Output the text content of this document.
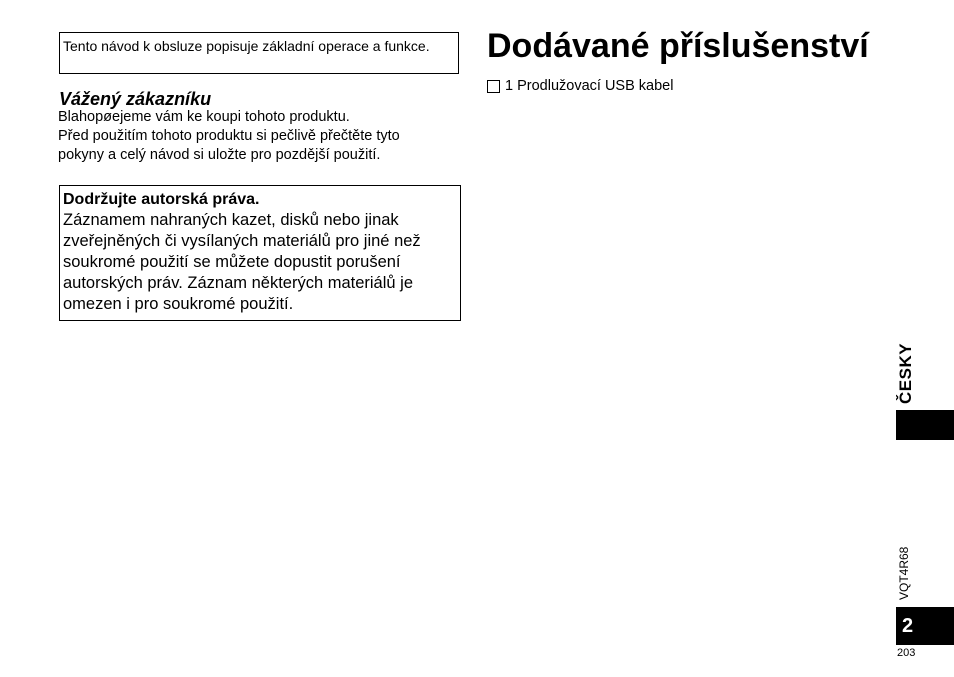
Tento návod k obsluze popisuje základní operace a funkce.
Vážený zákazníku

Blahopøejeme vám ke koupi tohoto produktu.
Před použitím tohoto produktu si pečlivě přečtěte tyto
pokyny a celý návod si uložte pro pozdější použití.

Dodržujte autorská práva.
Záznamem nahraných kazet, disků nebo jinak zveřejněných či vysílaných materiálů pro jiné než soukromé použití se můžete dopustit porušení autorských práv. Záznam některých materiálů je omezen i pro soukromé použití.
Dodávané příslušenství
1 Prodlužovací USB kabel
ČESKY
VQT4R68
2
203
